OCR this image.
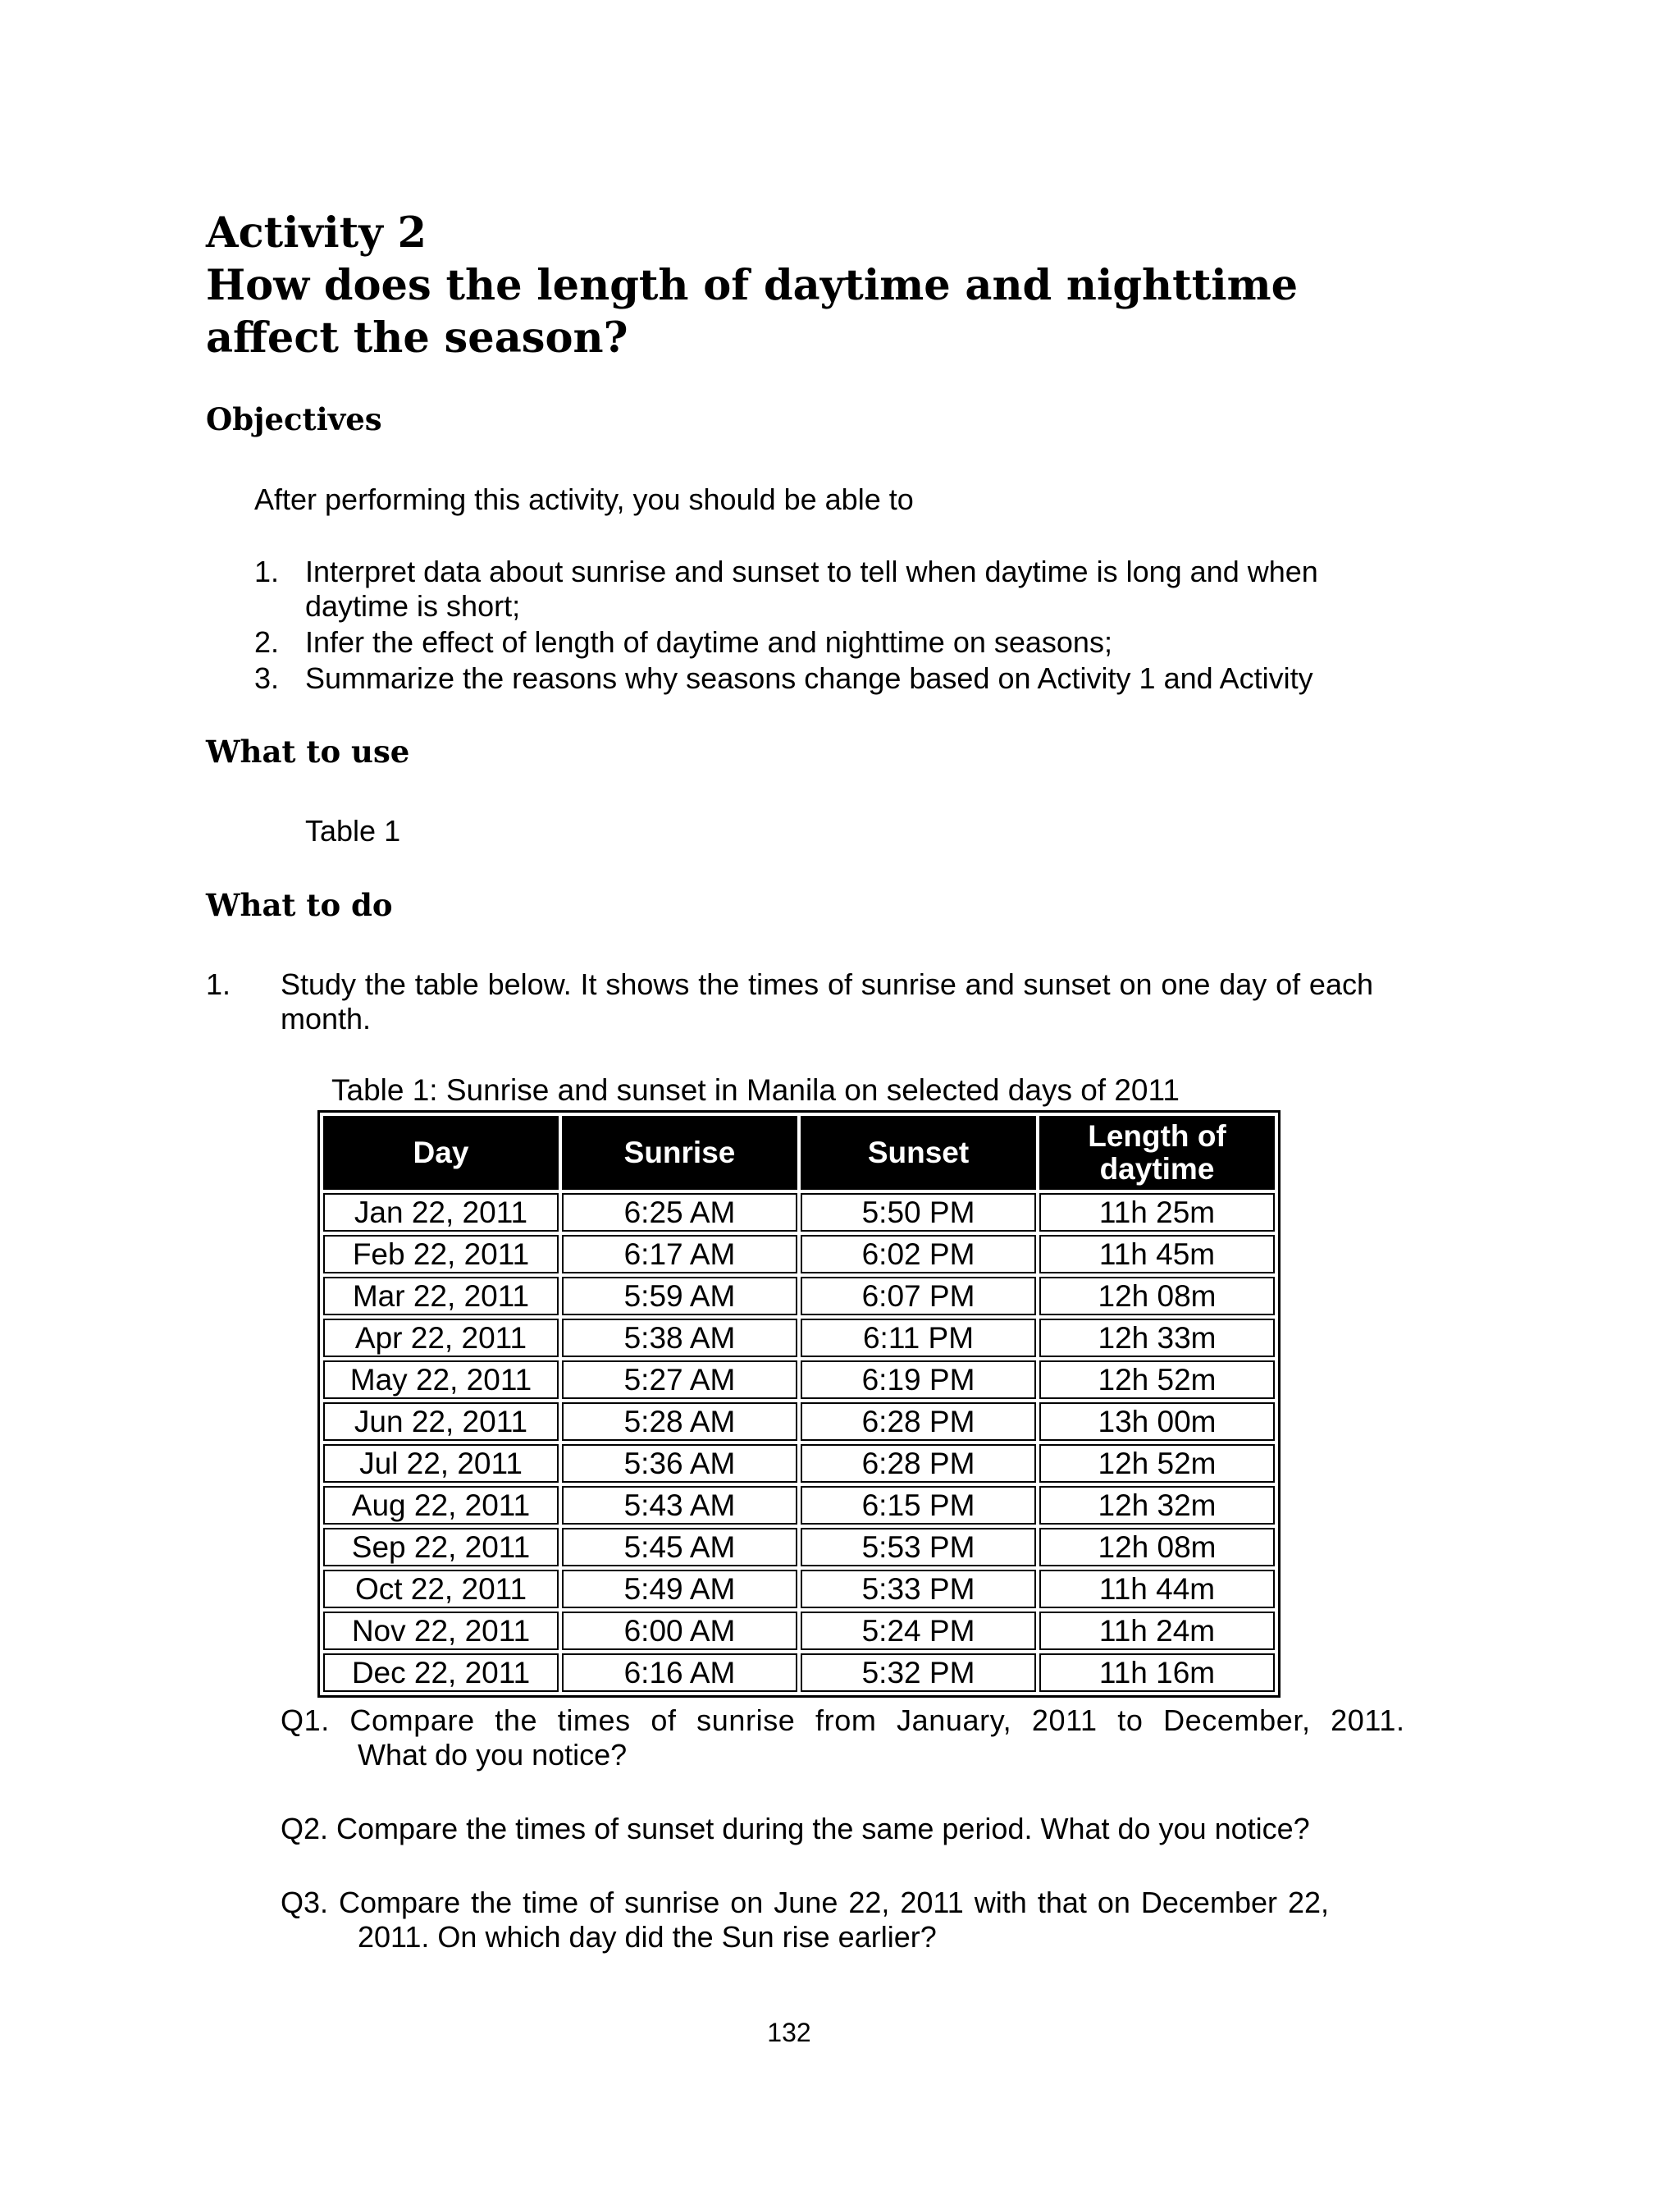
Activity 2
How does the length of daytime and nighttime
affect the season?
Objectives
After performing this activity, you should be able to
1. Interpret data about sunrise and sunset to tell when daytime is long and when
daytime is short;
2. Infer the effect of length of daytime and nighttime on seasons;
3. Summarize the reasons why seasons change based on Activity 1 and Activity
What to use
Table 1
What to do
1. Study the table below. It shows the times of sunrise and sunset on one day of each month.
Table 1: Sunrise and sunset in Manila on selected days of 2011
Day	Sunrise	Sunset	Length of daytime
Jan 22, 2011	6:25 AM	5:50 PM	11h 25m
Feb 22, 2011	6:17 AM	6:02 PM	11h 45m
Mar 22, 2011	5:59 AM	6:07 PM	12h 08m
Apr 22, 2011	5:38 AM	6:11 PM	12h 33m
May 22, 2011	5:27 AM	6:19 PM	12h 52m
Jun 22, 2011	5:28 AM	6:28 PM	13h 00m
Jul 22, 2011	5:36 AM	6:28 PM	12h 52m
Aug 22, 2011	5:43 AM	6:15 PM	12h 32m
Sep 22, 2011	5:45 AM	5:53 PM	12h 08m
Oct 22, 2011	5:49 AM	5:33 PM	11h 44m
Nov 22, 2011	6:00 AM	5:24 PM	11h 24m
Dec 22, 2011	6:16 AM	5:32 PM	11h 16m
Q1. Compare the times of sunrise from January, 2011 to December, 2011.
What do you notice?
Q2. Compare the times of sunset during the same period. What do you notice?
Q3. Compare the time of sunrise on June 22, 2011 with that on December 22,
2011. On which day did the Sun rise earlier?
132
